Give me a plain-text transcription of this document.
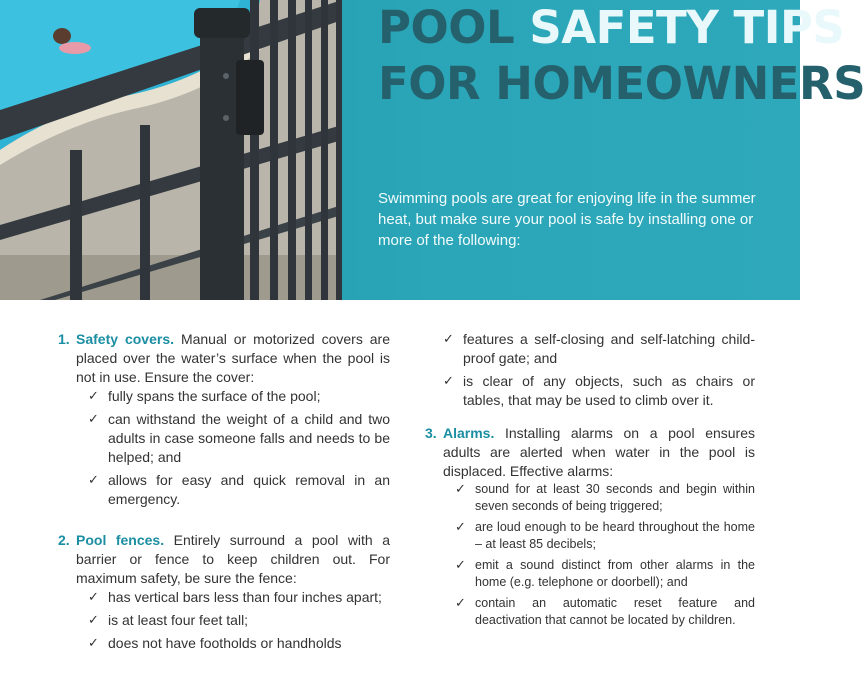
POOL SAFETY TIPS
FOR HOMEOWNERS

Swimming pools are great for enjoying life in the summer heat, but make sure your pool is safe by installing one or more of the following:

1. Safety covers. Manual or motorized covers are placed over the water’s surface when the pool is not in use. Ensure the cover:

✓ fully spans the surface of the pool;
✓ can withstand the weight of a child and two adults in case someone falls and needs to be helped; and
✓ allows for easy and quick removal in an emergency.
2. Pool fences. Entirely surround a pool with a barrier or fence to keep children out. For maximum safety, be sure the fence:

✓ has vertical bars less than four inches apart;
✓ is at least four feet tall;
✓ does not have footholds or handholds
✓ features a self-closing and self-latching child-proof gate; and
✓ is clear of any objects, such as chairs or tables, that may be used to climb over it.
3. Alarms. Installing alarms on a pool ensures adults are alerted when water in the pool is displaced. Effective alarms:

✓ sound for at least 30 seconds and begin within seven seconds of being triggered;
✓ are loud enough to be heard throughout the home – at least 85 decibels;
✓ emit a sound distinct from other alarms in the home (e.g. telephone or doorbell); and
✓ contain an automatic reset feature and deactivation that cannot be located by children.
